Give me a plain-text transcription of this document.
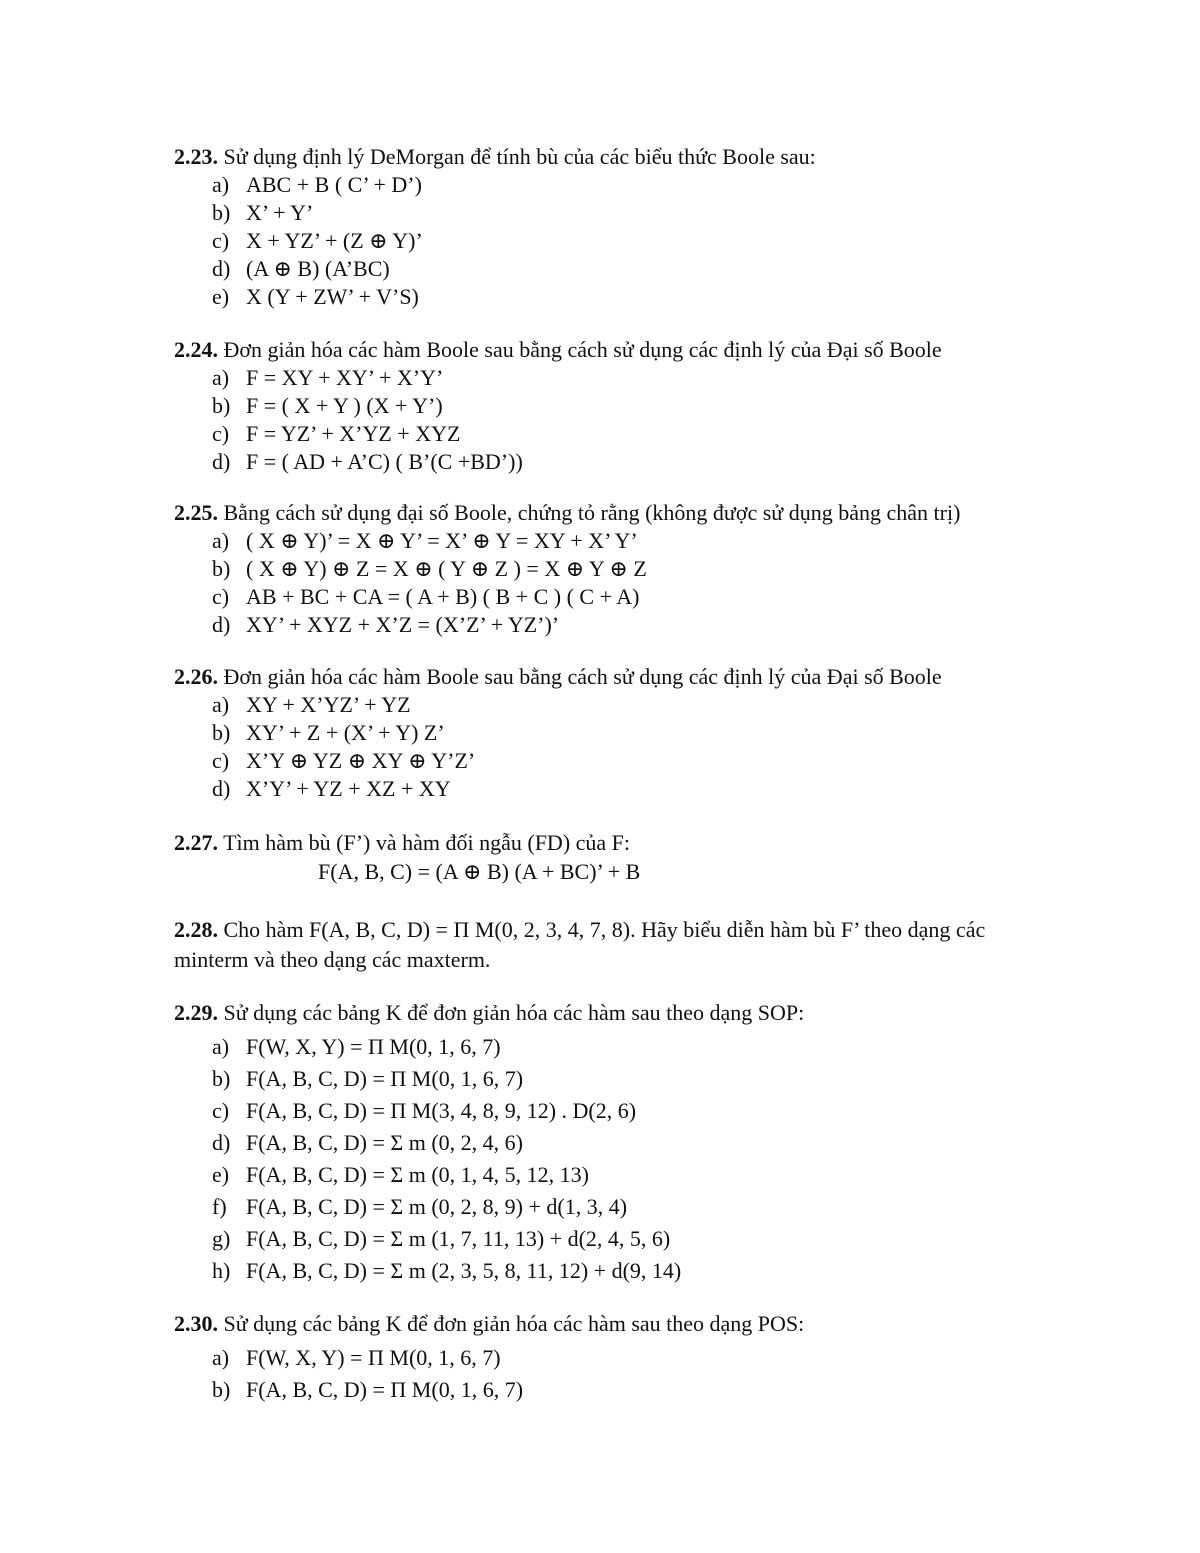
2.23. Sử dụng định lý DeMorgan để tính bù của các biểu thức Boole sau:
a) ABC + B ( C’ + D’)
b) X’ + Y’
c) X + YZ’ + (Z ⊕ Y)’
d) (A ⊕ B) (A’BC)
e) X (Y + ZW’ + V’S)
2.24. Đơn giản hóa các hàm Boole sau bằng cách sử dụng các định lý của Đại số Boole
a) F = XY + XY’ + X’Y’
b) F = ( X + Y ) (X + Y’)
c) F = YZ’ + X’YZ + XYZ
d) F = ( AD + A’C) ( B’(C +BD’))
2.25. Bằng cách sử dụng đại số Boole, chứng tỏ rằng (không được sử dụng bảng chân trị)
a) ( X ⊕ Y)’ = X ⊕ Y’ = X’ ⊕ Y = XY + X’ Y’
b) ( X ⊕ Y) ⊕ Z = X ⊕ ( Y ⊕ Z ) = X ⊕ Y ⊕ Z
c) AB + BC + CA = ( A + B) ( B + C ) ( C + A)
d) XY’ + XYZ + X’Z = (X’Z’ + YZ’)’
2.26. Đơn giản hóa các hàm Boole sau bằng cách sử dụng các định lý của Đại số Boole
a) XY + X’YZ’ + YZ
b) XY’ + Z + (X’ + Y) Z’
c) X’Y ⊕ YZ ⊕ XY ⊕ Y’Z’
d) X’Y’ + YZ + XZ + XY
2.27. Tìm hàm bù (F’) và hàm đối ngẫu (FD) của F:
F(A, B, C) = (A ⊕ B) (A + BC)’ + B
2.28. Cho hàm F(A, B, C, D) = Π M(0, 2, 3, 4, 7, 8). Hãy biểu diễn hàm bù F’ theo dạng các minterm và theo dạng các maxterm.
2.29. Sử dụng các bảng K để đơn giản hóa các hàm sau theo dạng SOP:
a) F(W, X, Y) = Π M(0, 1, 6, 7)
b) F(A, B, C, D) = Π M(0, 1, 6, 7)
c) F(A, B, C, D) = Π M(3, 4, 8, 9, 12) . D(2, 6)
d) F(A, B, C, D) = Σ m (0, 2, 4, 6)
e) F(A, B, C, D) = Σ m (0, 1, 4, 5, 12, 13)
f) F(A, B, C, D) = Σ m (0, 2, 8, 9) + d(1, 3, 4)
g) F(A, B, C, D) = Σ m (1, 7, 11, 13) + d(2, 4, 5, 6)
h) F(A, B, C, D) = Σ m (2, 3, 5, 8, 11, 12) + d(9, 14)
2.30. Sử dụng các bảng K để đơn giản hóa các hàm sau theo dạng POS:
a) F(W, X, Y) = Π M(0, 1, 6, 7)
b) F(A, B, C, D) = Π M(0, 1, 6, 7)
